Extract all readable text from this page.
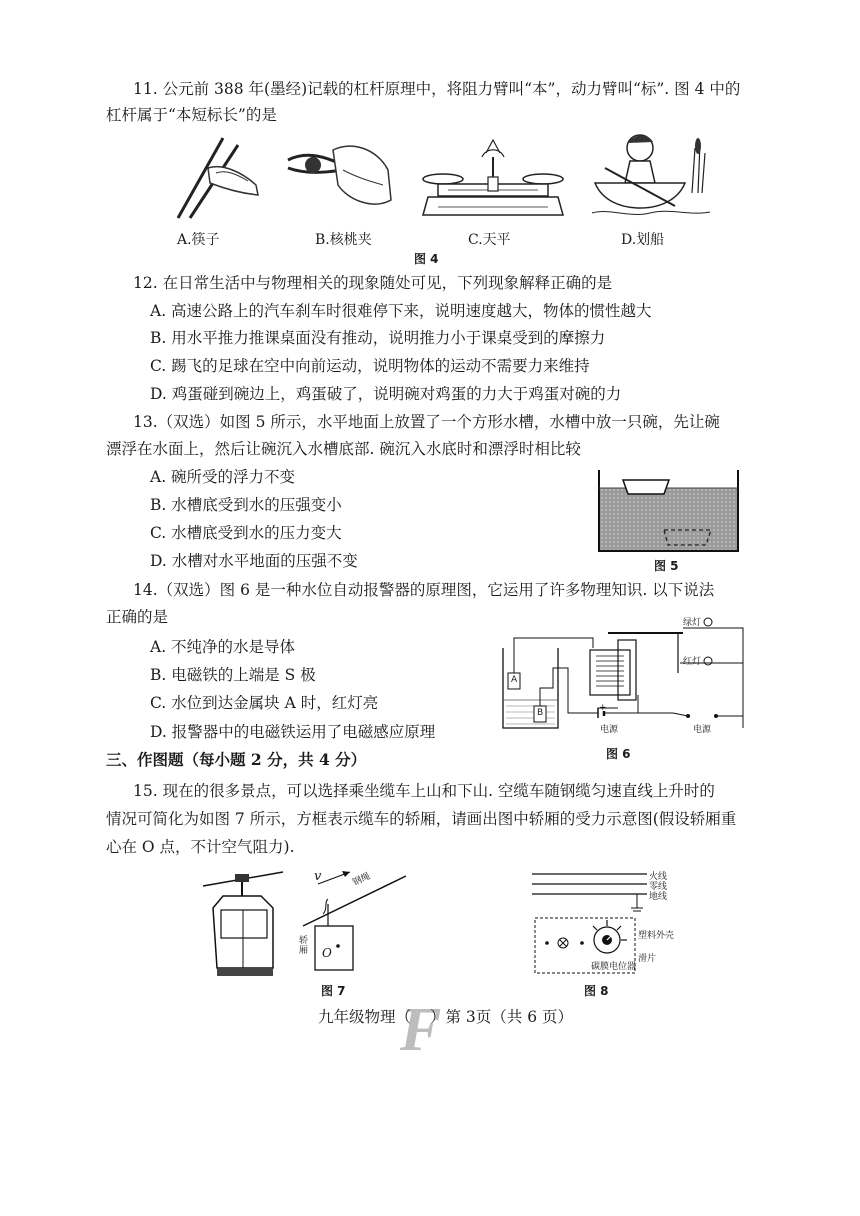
11. 公元前 388 年(墨经)记载的杠杆原理中，将阻力臂叫“本”，动力臂叫“标”. 图 4 中的
杠杆属于“本短标长”的是
A.筷子	B.核桃夹	C.天平	D.划船
图 4
12. 在日常生活中与物理相关的现象随处可见，下列现象解释正确的是
A. 高速公路上的汽车刹车时很难停下来，说明速度越大，物体的惯性越大
B. 用水平推力推课桌面没有推动，说明推力小于课桌受到的摩擦力
C. 踢飞的足球在空中向前运动，说明物体的运动不需要力来维持
D. 鸡蛋碰到碗边上，鸡蛋破了，说明碗对鸡蛋的力大于鸡蛋对碗的力
13.（双选）如图 5 所示，水平地面上放置了一个方形水槽，水槽中放一只碗，先让碗
漂浮在水面上，然后让碗沉入水槽底部. 碗沉入水底时和漂浮时相比较
A. 碗所受的浮力不变
B. 水槽底受到水的压强变小
C. 水槽底受到水的压力变大
D. 水槽对水平地面的压强不变	图 5
14.（双选）图 6 是一种水位自动报警器的原理图，它运用了许多物理知识. 以下说法
正确的是
A. 不纯净的水是导体
B. 电磁铁的上端是 S 极
C. 水位到达金属块 A 时，红灯亮
D. 报警器中的电磁铁运用了电磁感应原理
绿灯
红灯
A
B	+ -
电源	电源
图 6
三、作图题（每小题 2 分，共 4 分）
15. 现在的很多景点，可以选择乘坐缆车上山和下山. 空缆车随钢缆匀速直线上升时的
情况可简化为如图 7 所示，方框表示缆车的轿厢，请画出图中轿厢的受力示意图(假设轿厢重
心在 O 点，不计空气阻力).
v	钢绳
轿厢 O
图 7
火线
零线
地线
塑料外壳
滑片
碳膜电位器
图 8
F
九年级物理（ ）第 3页（共 6 页）
